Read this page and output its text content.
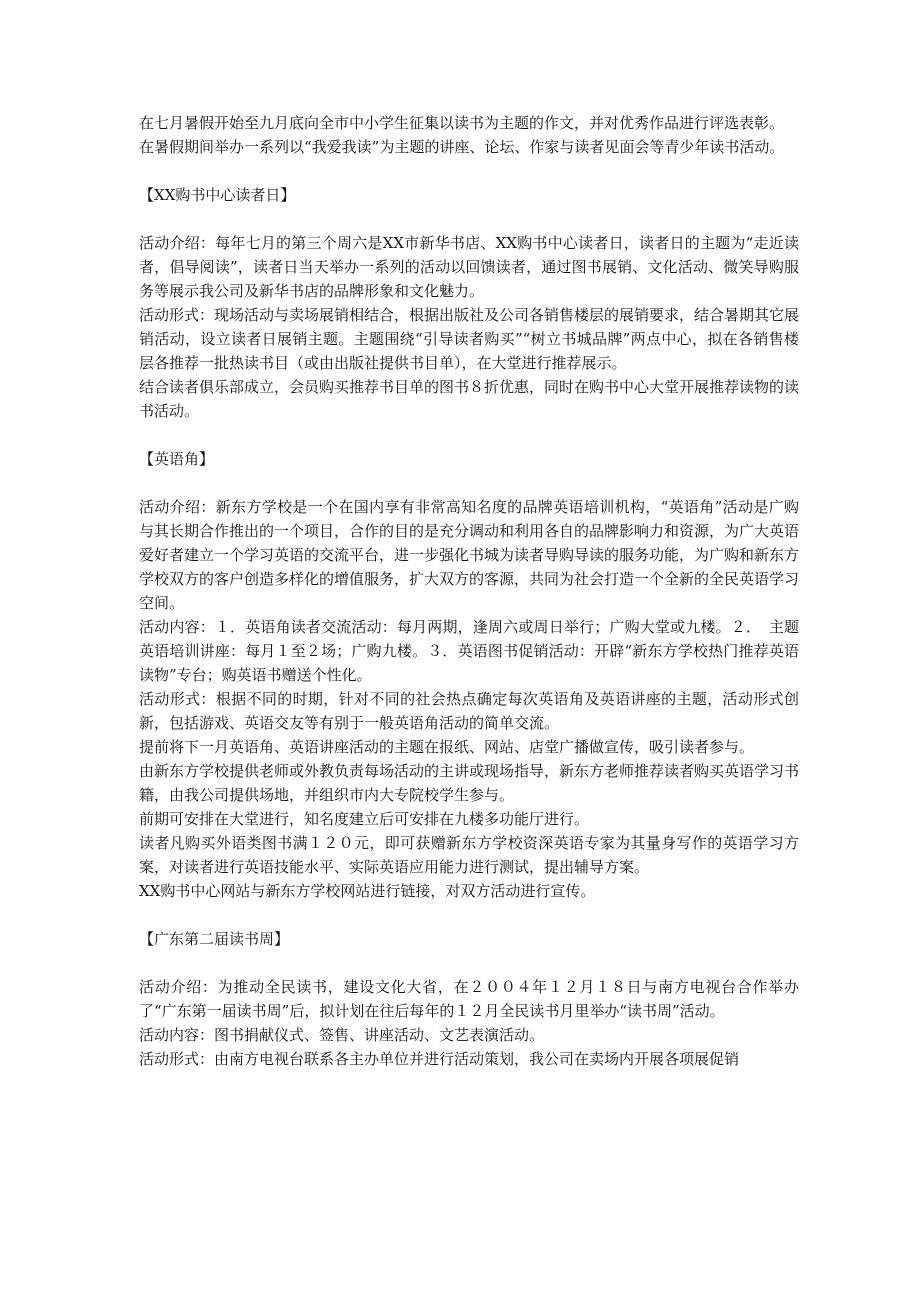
在七月暑假开始至九月底向全市中小学生征集以读书为主题的作文，并对优秀作品进行评选表彰。

在暑假期间举办一系列以“我爱我读”为主题的讲座、论坛、作家与读者见面会等青少年读书活动。

【XX购书中心读者日】

活动介绍：每年七月的第三个周六是XX市新华书店、XX购书中心读者日，读者日的主题为“走近读者，倡导阅读”，读者日当天举办一系列的活动以回馈读者，通过图书展销、文化活动、微笑导购服务等展示我公司及新华书店的品牌形象和文化魅力。

活动形式：现场活动与卖场展销相结合，根据出版社及公司各销售楼层的展销要求，结合暑期其它展销活动，设立读者日展销主题。主题围绕“引导读者购买”“树立书城品牌”两点中心，拟在各销售楼层各推荐一批热读书目（或由出版社提供书目单），在大堂进行推荐展示。

结合读者俱乐部成立，会员购买推荐书目单的图书８折优惠，同时在购书中心大堂开展推荐读物的读书活动。

【英语角】

活动介绍：新东方学校是一个在国内享有非常高知名度的品牌英语培训机构，“英语角”活动是广购与其长期合作推出的一个项目，合作的目的是充分调动和利用各自的品牌影响力和资源，为广大英语爱好者建立一个学习英语的交流平台，进一步强化书城为读者导购导读的服务功能，为广购和新东方学校双方的客户创造多样化的增值服务，扩大双方的客源，共同为社会打造一个全新的全民英语学习空间。

活动内容：１．英语角读者交流活动：每月两期，逢周六或周日举行；广购大堂或九楼。２．　主题英语培训讲座：每月１至２场；广购九楼。３．英语图书促销活动：开辟“新东方学校热门推荐英语读物”专台；购英语书赠送个性化。

活动形式：根据不同的时期，针对不同的社会热点确定每次英语角及英语讲座的主题，活动形式创新，包括游戏、英语交友等有别于一般英语角活动的简单交流。

提前将下一月英语角、英语讲座活动的主题在报纸、网站、店堂广播做宣传，吸引读者参与。

由新东方学校提供老师或外教负责每场活动的主讲或现场指导，新东方老师推荐读者购买英语学习书籍，由我公司提供场地，并组织市内大专院校学生参与。

前期可安排在大堂进行，知名度建立后可安排在九楼多功能厅进行。

读者凡购买外语类图书满１２０元，即可获赠新东方学校资深英语专家为其量身写作的英语学习方案，对读者进行英语技能水平、实际英语应用能力进行测试，提出辅导方案。

XX购书中心网站与新东方学校网站进行链接，对双方活动进行宣传。

【广东第二届读书周】

活动介绍：为推动全民读书，建设文化大省，在２００４年１２月１８日与南方电视台合作举办了“广东第一届读书周”后，拟计划在往后每年的１２月全民读书月里举办“读书周”活动。

活动内容：图书捐献仪式、签售、讲座活动、文艺表演活动。

活动形式：由南方电视台联系各主办单位并进行活动策划，我公司在卖场内开展各项展促销
